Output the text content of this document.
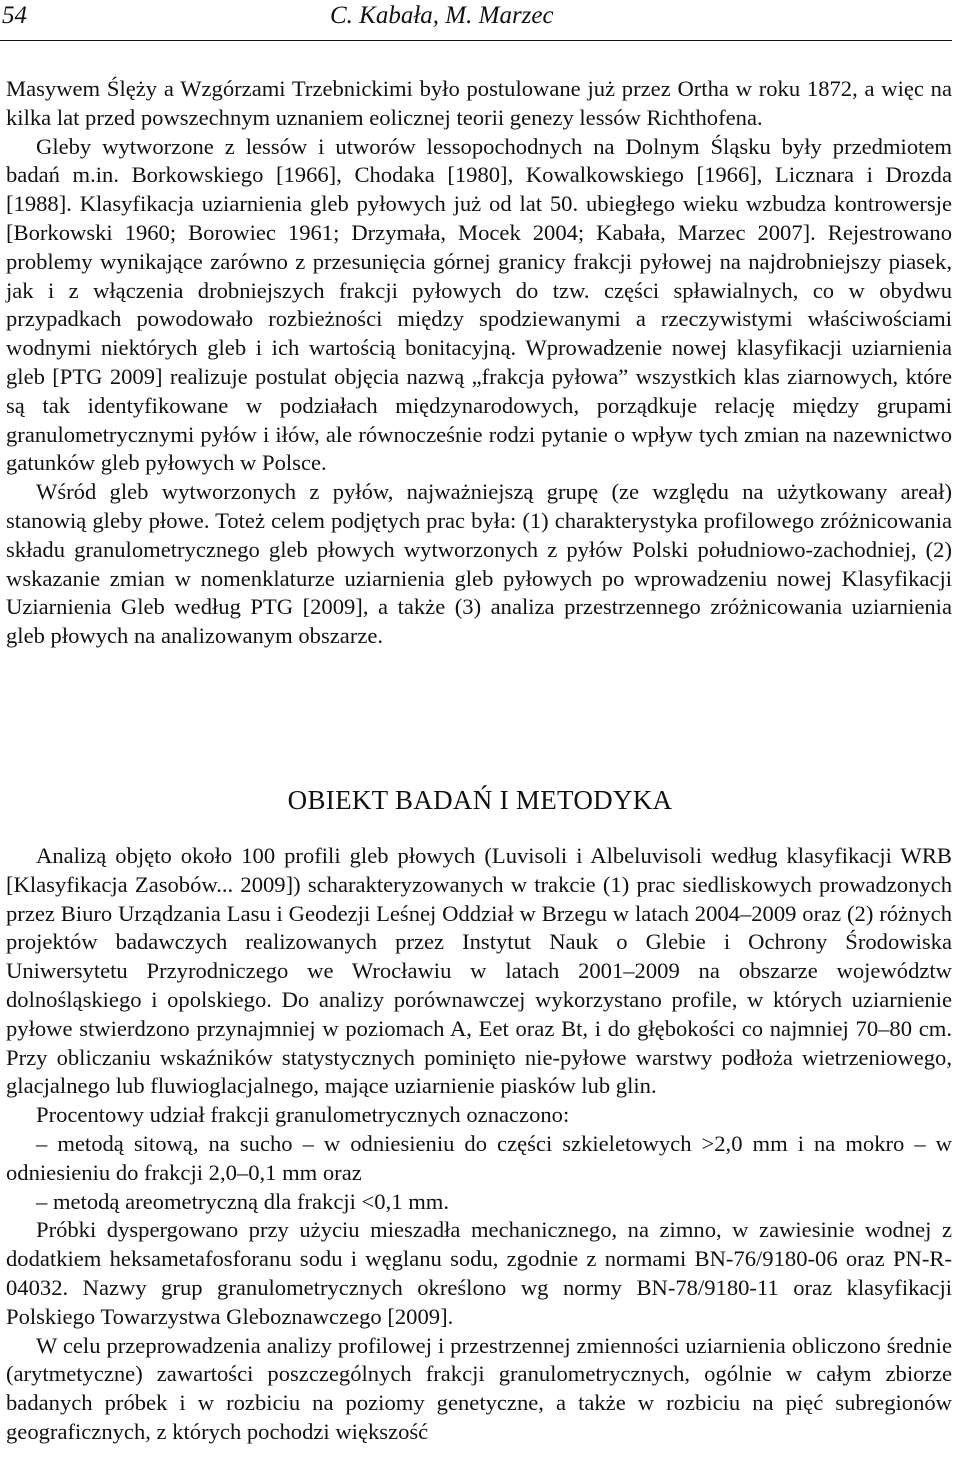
54	C. Kabała, M. Marzec

Masywem Ślęży a Wzgórzami Trzebnickimi było postulowane już przez Ortha w roku 1872, a więc na kilka lat przed powszechnym uznaniem eolicznej teorii genezy lessów Richthofena.

Gleby wytworzone z lessów i utworów lessopochodnych na Dolnym Śląsku były przedmiotem badań m.in. Borkowskiego [1966], Chodaka [1980], Kowalkowskiego [1966], Licznara i Drozda [1988]. Klasyfikacja uziarnienia gleb pyłowych już od lat 50. ubiegłego wieku wzbudza kontrowersje [Borkowski 1960; Borowiec 1961; Drzymała, Mocek 2004; Kabała, Marzec 2007]. Rejestrowano problemy wynikające zarówno z przesunięcia górnej granicy frakcji pyłowej na najdrobniejszy piasek, jak i z włączenia drobniejszych frakcji pyłowych do tzw. części spławialnych, co w obydwu przypadkach powodowało rozbieżności między spodziewanymi a rzeczywistymi właściwościami wodnymi niektórych gleb i ich wartością bonitacyjną. Wprowadzenie nowej klasyfikacji uziarnienia gleb [PTG 2009] realizuje postulat objęcia nazwą „frakcja pyłowa” wszystkich klas ziarnowych, które są tak identyfikowane w podziałach międzynarodowych, porządkuje relację między grupami granulometrycznymi pyłów i iłów, ale równocześnie rodzi pytanie o wpływ tych zmian na nazewnictwo gatunków gleb pyłowych w Polsce.

Wśród gleb wytworzonych z pyłów, najważniejszą grupę (ze względu na użytkowany areał) stanowią gleby płowe. Toteż celem podjętych prac była: (1) charakterystyka profilowego zróżnicowania składu granulometrycznego gleb płowych wytworzonych z pyłów Polski południowo-zachodniej, (2) wskazanie zmian w nomenklaturze uziarnienia gleb pyłowych po wprowadzeniu nowej Klasyfikacji Uziarnienia Gleb według PTG [2009], a także (3) analiza przestrzennego zróżnicowania uziarnienia gleb płowych na analizowanym obszarze.

OBIEKT BADAŃ I METODYKA

Analizą objęto około 100 profili gleb płowych (Luvisoli i Albeluvisoli według klasyfikacji WRB [Klasyfikacja Zasobów... 2009]) scharakteryzowanych w trakcie (1) prac siedliskowych prowadzonych przez Biuro Urządzania Lasu i Geodezji Leśnej Oddział w Brzegu w latach 2004–2009 oraz (2) różnych projektów badawczych realizowanych przez Instytut Nauk o Glebie i Ochrony Środowiska Uniwersytetu Przyrodniczego we Wrocławiu w latach 2001–2009 na obszarze województw dolnośląskiego i opolskiego. Do analizy porównawczej wykorzystano profile, w których uziarnienie pyłowe stwierdzono przynajmniej w poziomach A, Eet oraz Bt, i do głębokości co najmniej 70–80 cm. Przy obliczaniu wskaźników statystycznych pominięto nie-pyłowe warstwy podłoża wietrzeniowego, glacjalnego lub fluwioglacjalnego, mające uziarnienie piasków lub glin.

Procentowy udział frakcji granulometrycznych oznaczono:

– metodą sitową, na sucho – w odniesieniu do części szkieletowych >2,0 mm i na mokro – w odniesieniu do frakcji 2,0–0,1 mm oraz

– metodą areometryczną dla frakcji <0,1 mm.

Próbki dyspergowano przy użyciu mieszadła mechanicznego, na zimno, w zawiesinie wodnej z dodatkiem heksametafosforanu sodu i węglanu sodu, zgodnie z normami BN-76/9180-06 oraz PN-R-04032. Nazwy grup granulometrycznych określono wg normy BN-78/9180-11 oraz klasyfikacji Polskiego Towarzystwa Gleboznawczego [2009].

W celu przeprowadzenia analizy profilowej i przestrzennej zmienności uziarnienia obliczono średnie (arytmetyczne) zawartości poszczególnych frakcji granulometrycznych, ogólnie w całym zbiorze badanych próbek i w rozbiciu na poziomy genetyczne, a także w rozbiciu na pięć subregionów geograficznych, z których pochodzi większość
